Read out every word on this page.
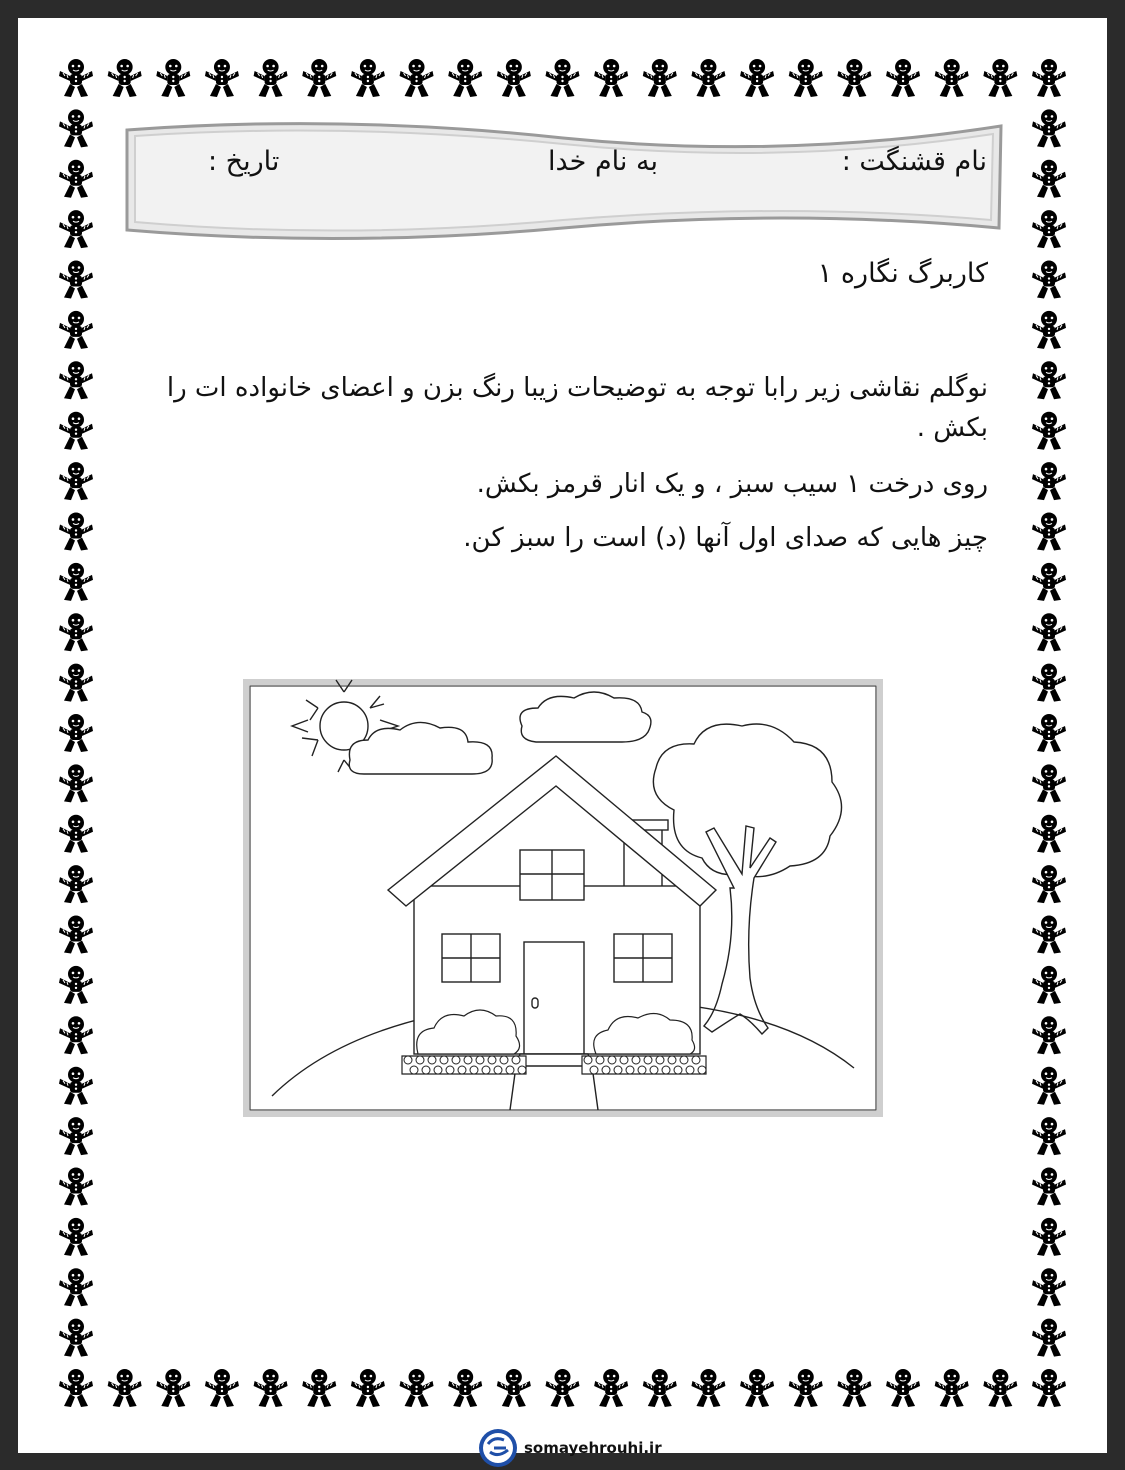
نام قشنگت :
به نام خدا
تاریخ :
کاربرگ نگاره ۱
نوگلم نقاشی زیر رابا توجه به توضیحات زیبا رنگ بزن و اعضای خانواده ات را بکش .
روی درخت ۱ سیب سبز ، و یک انار قرمز بکش.
چیز هایی که صدای اول آنها (د) است را سبز کن.
somayehrouhi.ir
